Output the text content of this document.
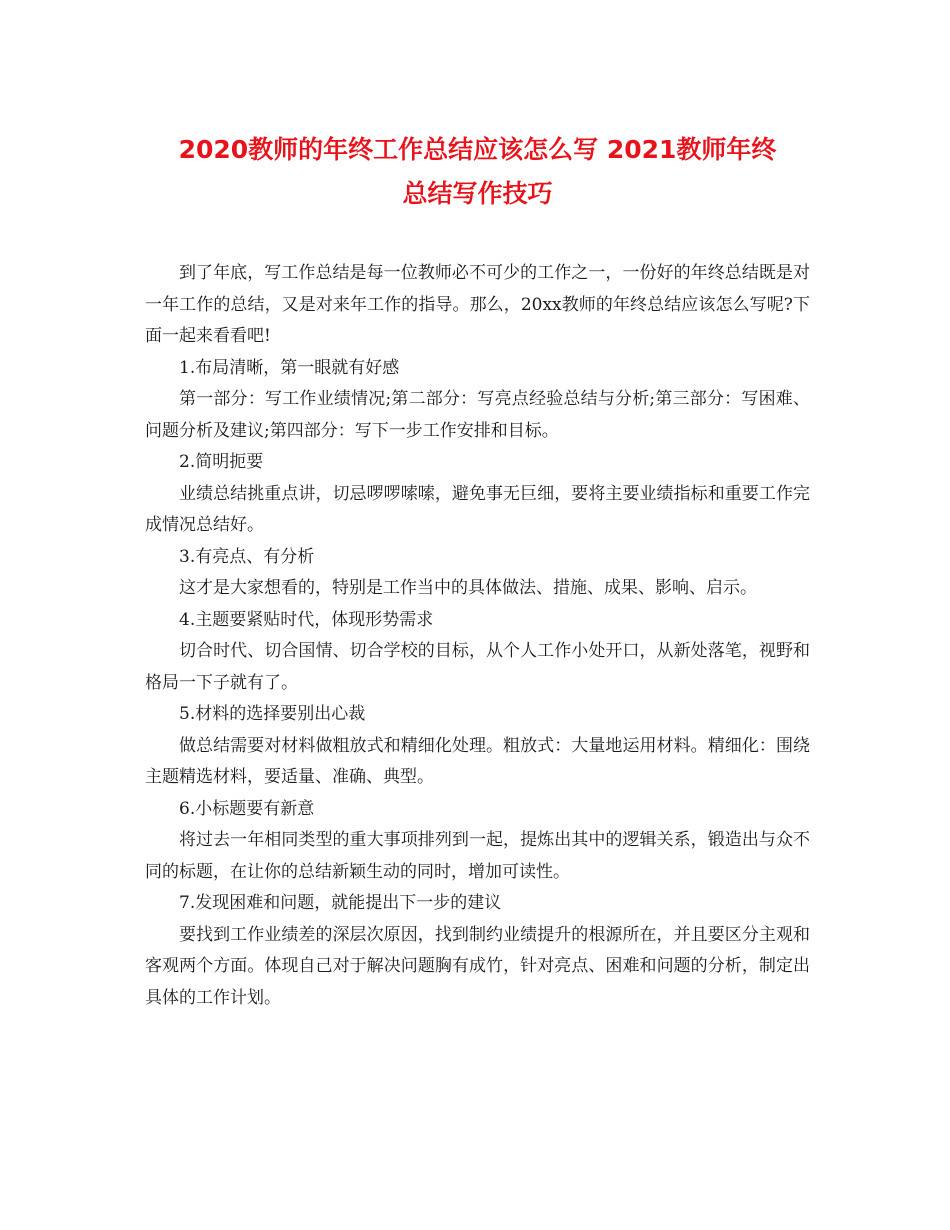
2020教师的年终工作总结应该怎么写 2021教师年终
总结写作技巧

到了年底，写工作总结是每一位教师必不可少的工作之一，一份好的年终总结既是对一年工作的总结，又是对来年工作的指导。那么，20xx教师的年终总结应该怎么写呢?下面一起来看看吧!

1.布局清晰，第一眼就有好感

第一部分：写工作业绩情况;第二部分：写亮点经验总结与分析;第三部分：写困难、问题分析及建议;第四部分：写下一步工作安排和目标。

2.简明扼要

业绩总结挑重点讲，切忌啰啰嗦嗦，避免事无巨细，要将主要业绩指标和重要工作完成情况总结好。

3.有亮点、有分析

这才是大家想看的，特别是工作当中的具体做法、措施、成果、影响、启示。

4.主题要紧贴时代，体现形势需求

切合时代、切合国情、切合学校的目标，从个人工作小处开口，从新处落笔，视野和格局一下子就有了。

5.材料的选择要别出心裁

做总结需要对材料做粗放式和精细化处理。粗放式：大量地运用材料。精细化：围绕主题精选材料，要适量、准确、典型。

6.小标题要有新意

将过去一年相同类型的重大事项排列到一起，提炼出其中的逻辑关系，锻造出与众不同的标题，在让你的总结新颖生动的同时，增加可读性。

7.发现困难和问题，就能提出下一步的建议

要找到工作业绩差的深层次原因，找到制约业绩提升的根源所在，并且要区分主观和客观两个方面。体现自己对于解决问题胸有成竹，针对亮点、困难和问题的分析，制定出具体的工作计划。
